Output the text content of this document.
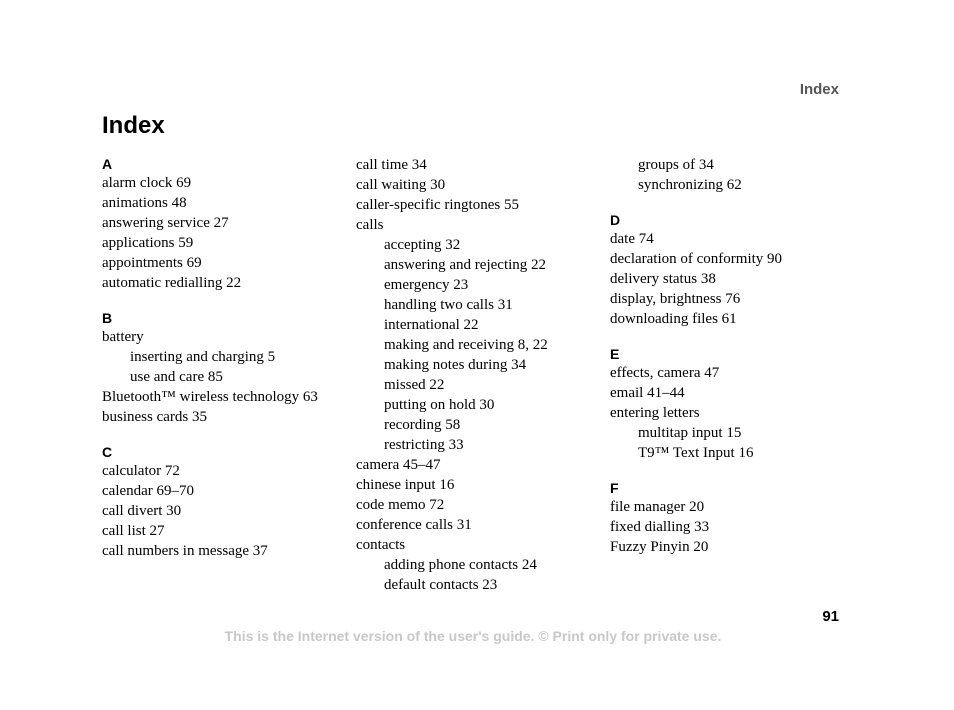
Index
Index
A
alarm clock 69
animations 48
answering service 27
applications 59
appointments 69
automatic redialling 22
B
battery
inserting and charging 5
use and care 85
Bluetooth™ wireless technology 63
business cards 35
C
calculator 72
calendar 69–70
call divert 30
call list 27
call numbers in message 37
call time 34
call waiting 30
caller-specific ringtones 55
calls
accepting 32
answering and rejecting 22
emergency 23
handling two calls 31
international 22
making and receiving 8, 22
making notes during 34
missed 22
putting on hold 30
recording 58
restricting 33
camera 45–47
chinese input 16
code memo 72
conference calls 31
contacts
adding phone contacts 24
default contacts 23
groups of 34
synchronizing 62
D
date 74
declaration of conformity 90
delivery status 38
display, brightness 76
downloading files 61
E
effects, camera 47
email 41–44
entering letters
multitap input 15
T9™ Text Input 16
F
file manager 20
fixed dialling 33
Fuzzy Pinyin 20
91
This is the Internet version of the user's guide. © Print only for private use.
